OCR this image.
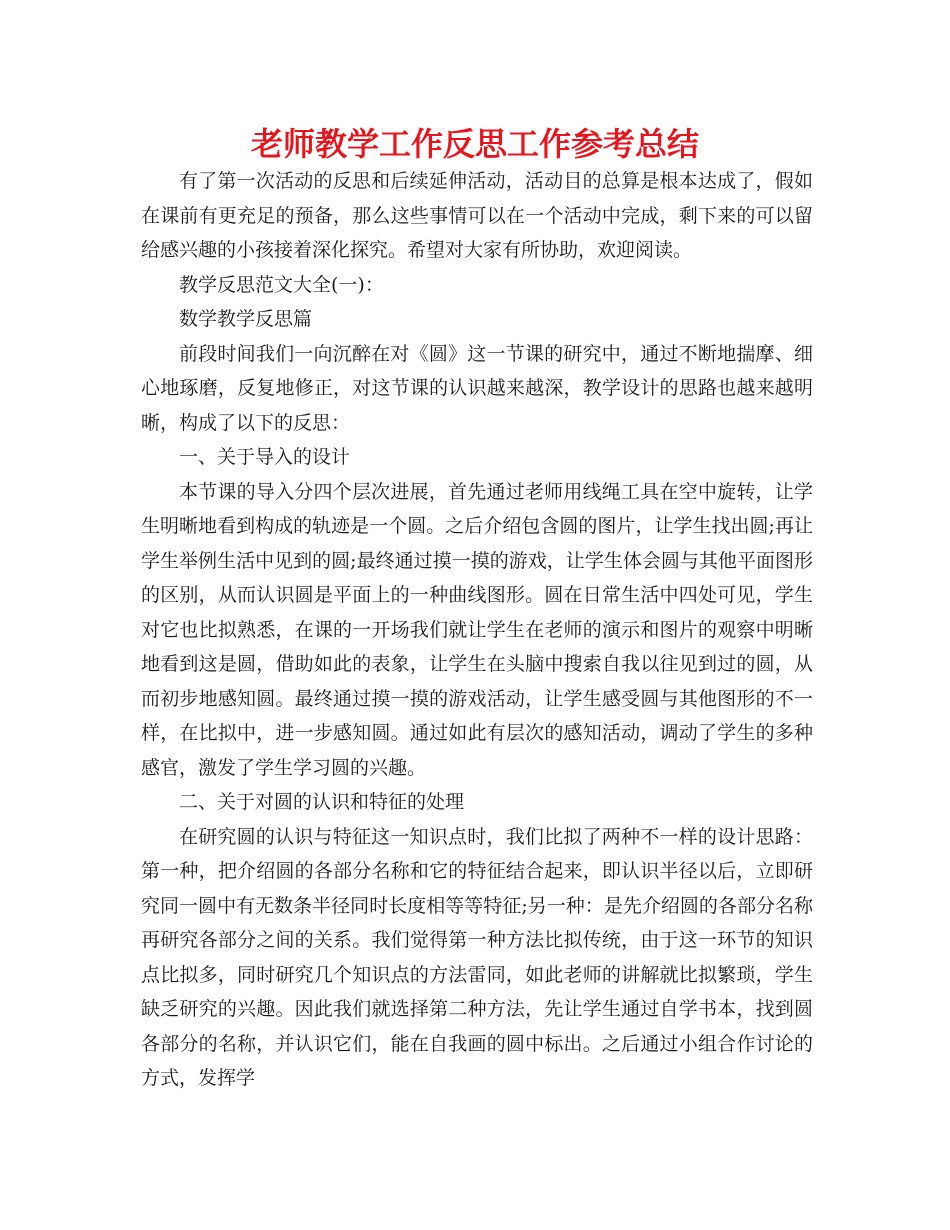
老师教学工作反思工作参考总结

有了第一次活动的反思和后续延伸活动，活动目的总算是根本达成了，假如在课前有更充足的预备，那么这些事情可以在一个活动中完成，剩下来的可以留给感兴趣的小孩接着深化探究。希望对大家有所协助，欢迎阅读。

教学反思范文大全(一)：

数学教学反思篇

前段时间我们一向沉醉在对《圆》这一节课的研究中，通过不断地揣摩、细心地琢磨，反复地修正，对这节课的认识越来越深，教学设计的思路也越来越明晰，构成了以下的反思：

一、关于导入的设计

本节课的导入分四个层次进展，首先通过老师用线绳工具在空中旋转，让学生明晰地看到构成的轨迹是一个圆。之后介绍包含圆的图片，让学生找出圆;再让学生举例生活中见到的圆;最终通过摸一摸的游戏，让学生体会圆与其他平面图形的区别，从而认识圆是平面上的一种曲线图形。圆在日常生活中四处可见，学生对它也比拟熟悉，在课的一开场我们就让学生在老师的演示和图片的观察中明晰地看到这是圆，借助如此的表象，让学生在头脑中搜索自我以往见到过的圆，从而初步地感知圆。最终通过摸一摸的游戏活动，让学生感受圆与其他图形的不一样，在比拟中，进一步感知圆。通过如此有层次的感知活动，调动了学生的多种感官，激发了学生学习圆的兴趣。

二、关于对圆的认识和特征的处理

在研究圆的认识与特征这一知识点时，我们比拟了两种不一样的设计思路：第一种，把介绍圆的各部分名称和它的特征结合起来，即认识半径以后，立即研究同一圆中有无数条半径同时长度相等等特征;另一种：是先介绍圆的各部分名称再研究各部分之间的关系。我们觉得第一种方法比拟传统，由于这一环节的知识点比拟多，同时研究几个知识点的方法雷同，如此老师的讲解就比拟繁琐，学生缺乏研究的兴趣。因此我们就选择第二种方法，先让学生通过自学书本，找到圆各部分的名称，并认识它们，能在自我画的圆中标出。之后通过小组合作讨论的方式，发挥学
